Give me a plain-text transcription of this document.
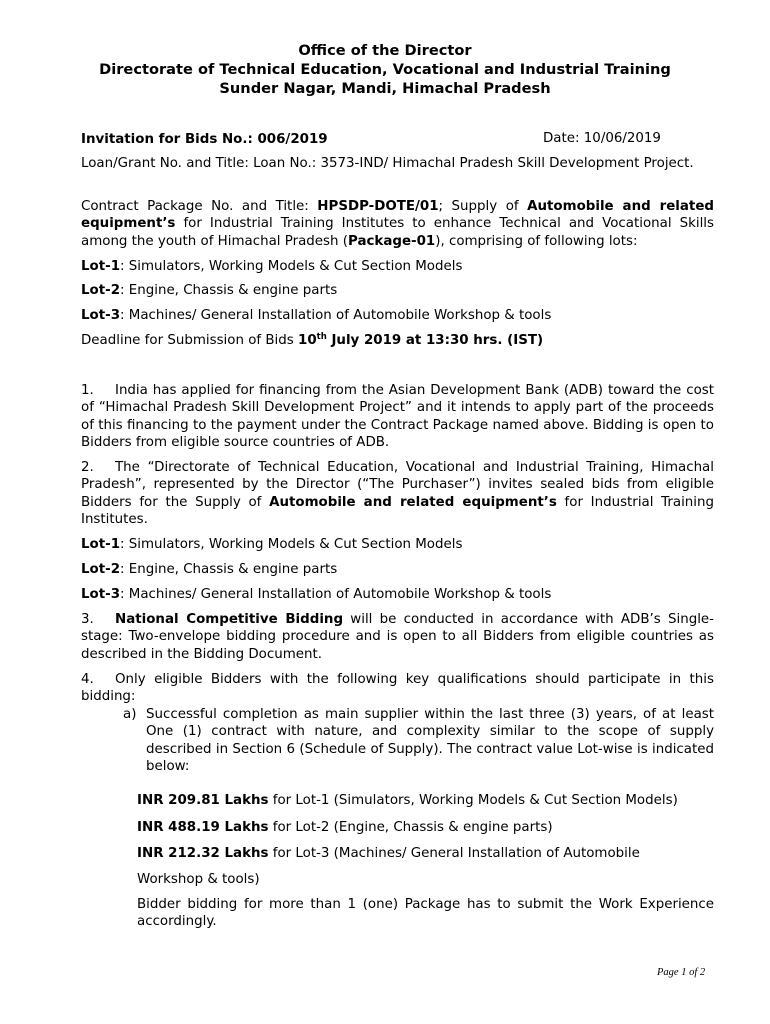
Office of the Director
Directorate of Technical Education, Vocational and Industrial Training
Sunder Nagar, Mandi, Himachal Pradesh
Invitation for Bids No.: 006/2019	Date: 10/06/2019
Loan/Grant No. and Title: Loan No.: 3573-IND/ Himachal Pradesh Skill Development Project.
Contract Package No. and Title: HPSDP-DOTE/01; Supply of Automobile and related equipment’s for Industrial Training Institutes to enhance Technical and Vocational Skills among the youth of Himachal Pradesh (Package-01), comprising of following lots:
Lot-1: Simulators, Working Models & Cut Section Models
Lot-2: Engine, Chassis & engine parts
Lot-3: Machines/ General Installation of Automobile Workshop & tools
Deadline for Submission of Bids 10th July 2019 at 13:30 hrs. (IST)
1. India has applied for financing from the Asian Development Bank (ADB) toward the cost of “Himachal Pradesh Skill Development Project” and it intends to apply part of the proceeds of this financing to the payment under the Contract Package named above. Bidding is open to Bidders from eligible source countries of ADB.
2. The “Directorate of Technical Education, Vocational and Industrial Training, Himachal Pradesh”, represented by the Director (“The Purchaser”) invites sealed bids from eligible Bidders for the Supply of Automobile and related equipment’s for Industrial Training Institutes.
Lot-1: Simulators, Working Models & Cut Section Models
Lot-2: Engine, Chassis & engine parts
Lot-3: Machines/ General Installation of Automobile Workshop & tools
3. National Competitive Bidding will be conducted in accordance with ADB’s Single-stage: Two-envelope bidding procedure and is open to all Bidders from eligible countries as described in the Bidding Document.
4. Only eligible Bidders with the following key qualifications should participate in this bidding:
a) Successful completion as main supplier within the last three (3) years, of at least One (1) contract with nature, and complexity similar to the scope of supply described in Section 6 (Schedule of Supply). The contract value Lot-wise is indicated below:
INR 209.81 Lakhs for Lot-1 (Simulators, Working Models & Cut Section Models)
INR 488.19 Lakhs for Lot-2 (Engine, Chassis & engine parts)
INR 212.32 Lakhs for Lot-3 (Machines/ General Installation of Automobile
Workshop & tools)
Bidder bidding for more than 1 (one) Package has to submit the Work Experience accordingly.
Page 1 of 2
